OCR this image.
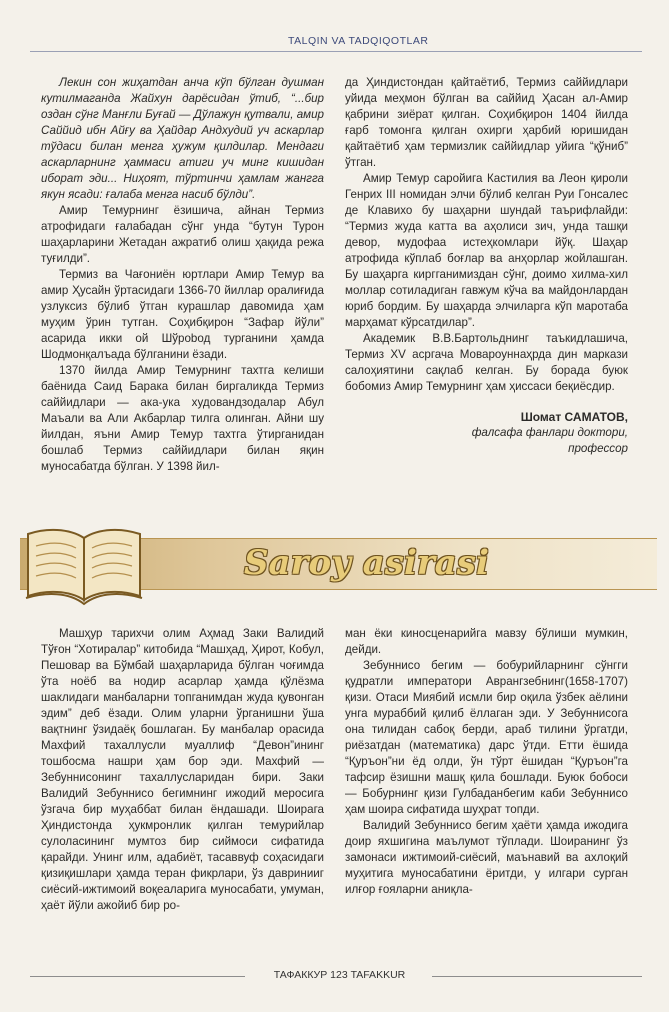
TALQIN VA TADQIQOTLAR

Лекин сон жиҳатдан анча кўп бўлган душман кутилмаганда Жайхун дарёсидан ўтиб, “...бир оздан сўнг Манғли Буғай — Дўлажун қутвали, амир Саййид ибн Айғу ва Ҳайдар Андхудий уч аскарлар тўдаси билан менга ҳужум қилдилар. Мендаги аскарларнинг ҳаммаси атиги уч минг кишидан иборат эди... Ниҳоят, тўртинчи ҳамлам жангга якун ясади: ғалаба менга насиб бўлди”.

Амир Темурнинг ёзишича, айнан Термиз атрофидаги ғалабадан сўнг унда “бутун Турон шаҳарларини Жетадан ажратиб олиш ҳақида режа туғилди”.

Термиз ва Чағониён юртлари Амир Темур ва амир Ҳусайн ўртасидаги 1366-70 йиллар оралиғида узлуксиз бўлиб ўтган курашлар давомида ҳам муҳим ўрин тутган. Соҳибқирон “Зафар йўли” асарида икки ой Шўрobод турганини ҳамда Шодмонқалъада бўлганини ёзади.

1370 йилда Амир Темурнинг тахтга келиши баёнида Саид Барака билан биргаликда Термиз саййидлари — ака-ука худовандзодалар Абул Маъали ва Али Акбарлар тилга олинган. Айни шу йилдан, яъни Амир Темур тахтга ўтирганидан бошлаб Термиз саййидлари билан яқин муносабатда бўлган. У 1398 йил-

да Ҳиндистондан қайтаётиб, Термиз саййидлари уйида меҳмон бўлган ва саййид Ҳасан ал-Амир қабрини зиёрат қилган. Соҳибқирон 1404 йилда ғарб томонга қилган охирги ҳарбий юришидан қайтаётиб ҳам термизлик саййидлар уйига “қўниб” ўтган.

Амир Темур саройига Кастилия ва Леон қироли Генрих III номидан элчи бўлиб келган Руи Гонсалес де Клавихо бу шаҳарни шундай таърифлайди: “Термиз жуда катта ва аҳолиси зич, унда ташқи девор, мудофаа истеҳкомлари йўқ. Шаҳар атрофида кўплаб боғлар ва анҳорлар жойлашган. Бу шаҳарга киргганимиздан сўнг, доимо хилма-хил моллар сотиладиган гавжум кўча ва майдонлардан юриб бордим. Бу шаҳарда элчиларга кўп маротаба марҳамат кўрсатдилар”.

Академик В.В.Бартольднинг таъкидлашича, Термиз XV асргача Мовароуннаҳрда дин маркази салоҳиятини сақлаб келган. Бу борада буюк бобомиз Амир Темурнинг ҳам ҳиссаси беқиёсдир.

Шомат САМАТОВ,
фалсафа фанлари доктори,
профессор
Saroy asirasi

Машҳур тарихчи олим Аҳмад Заки Валидий Тўғон “Хотиралар” китобида “Машҳад, Ҳирот, Кобул, Пешовар ва Бўмбай шаҳарларида бўлган чоғимда ўта ноёб ва нодир асарлар ҳамда қўлёзма шаклидаги манбаларни топганимдан жуда қувонган эдим” деб ёзади. Олим уларни ўрганишни ўша вақтнинг ўзидаёқ бошлаган. Бу манбалар орасида Махфий тахаллусли муаллиф “Девон”ининг тошбосма нашри ҳам бор эди. Махфий — Зебуннисонинг тахаллусларидан бири. Заки Валидий Зебуннисо бегимнинг ижодий меросига ўзгача бир муҳаббат билан ёндашади. Шоирага Ҳиндистонда ҳукмронлик қилган темурийлар сулоласининг мумтоз бир сиймоси сифатида қарайди. Унинг илм, адабиёт, тасаввуф соҳасидаги қизиқишлари ҳамда теран фикрлари, ўз давринииг сиёсий-ижтимоий воқеаларига муносабати, умуман, ҳаёт йўли ажойиб бир ро-

ман ёки киносценарийга мавзу бўлиши мумкин, дейди.

Зебуннисо бегим — бобурийларнинг сўнгги қудратли императори Аврангзебнинг(1658-1707) қизи. Отаси Миябий исмли бир оқила ўзбек аёлини унга мураббий қилиб ёллаган эди. У Зебуннисога она тилидан сабоқ берди, араб тилини ўргатди, риёзатдан (математика) дарс ўтди. Етти ёшида “Қуръон”ни ёд олди, ўн тўрт ёшидан “Қуръон”га тафсир ёзишни машқ қила бошлади. Буюк бобоси — Бобурнинг қизи Гулбаданбегим каби Зебуннисо ҳам шоира сифатида шуҳрат топди.

Валидий Зебуннисо бегим ҳаёти ҳамда ижодига доир яхшигина маълумот тўплади. Шоиранинг ўз замонаси ижтимоий-сиёсий, маънавий ва ахлоқий муҳитига муносабатини ёритди, у илгари сурган илғор ғояларни аниқла-

ТАФАККУР 123 TAFAKKUR
